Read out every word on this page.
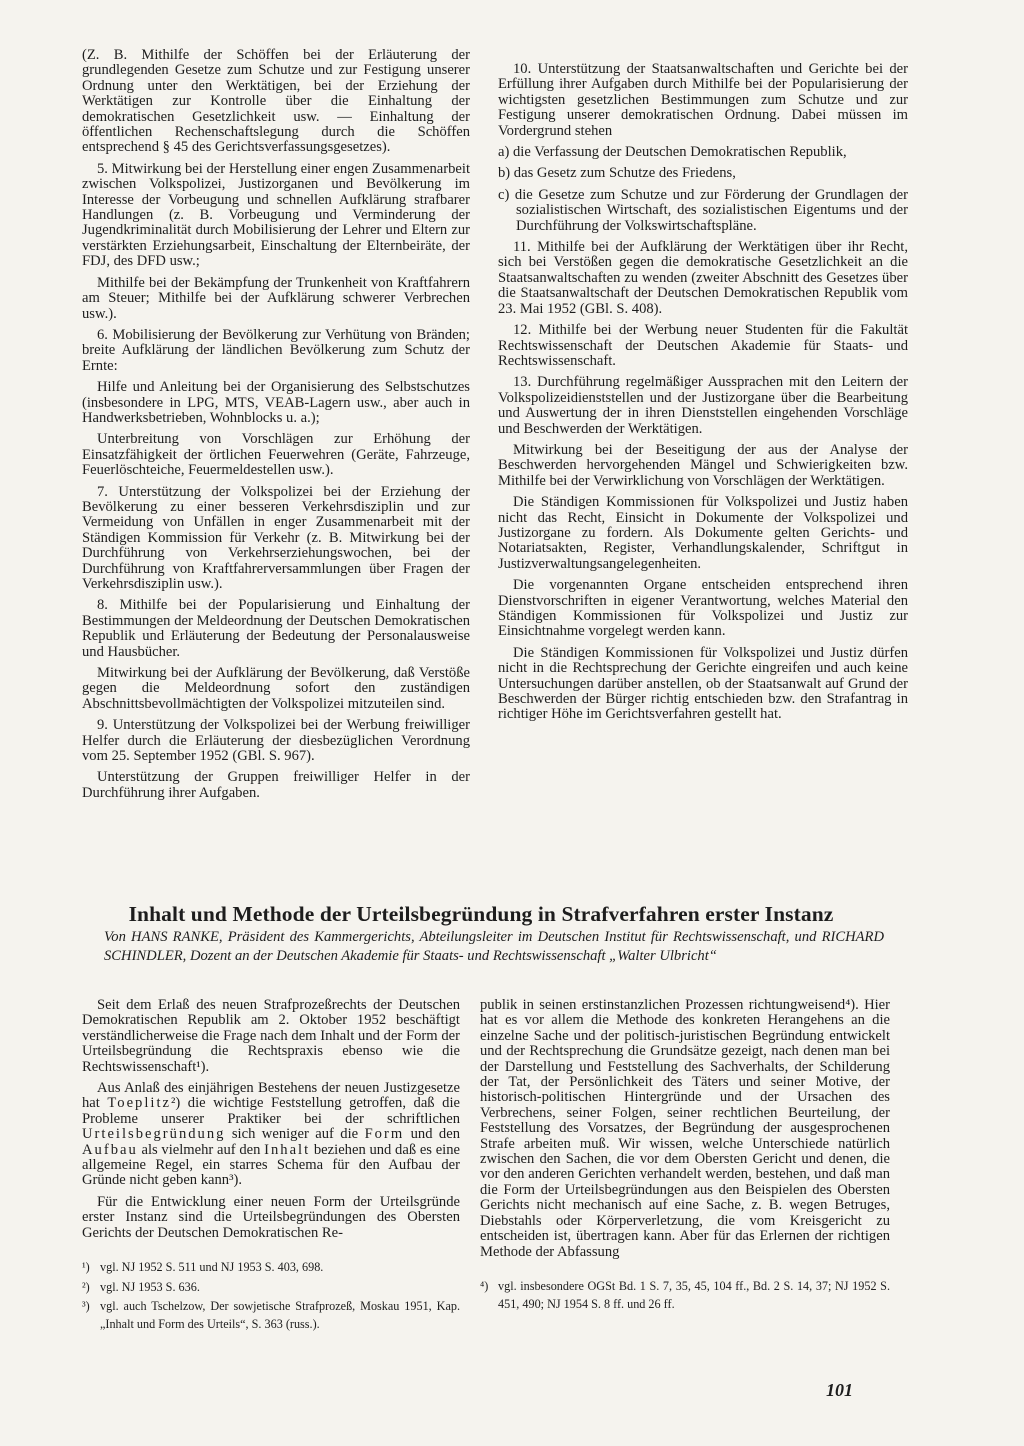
(Z. B. Mithilfe der Schöffen bei der Erläuterung der grundlegenden Gesetze zum Schutze und zur Festigung unserer Ordnung unter den Werktätigen, bei der Erziehung der Werktätigen zur Kontrolle über die Einhaltung der demokratischen Gesetzlichkeit usw. — Einhaltung der öffentlichen Rechenschaftslegung durch die Schöffen entsprechend § 45 des Gerichtsverfassungsgesetzes).

5. Mitwirkung bei der Herstellung einer engen Zusammenarbeit zwischen Volkspolizei, Justizorganen und Bevölkerung im Interesse der Vorbeugung und schnellen Aufklärung strafbarer Handlungen (z. B. Vorbeugung und Verminderung der Jugendkriminalität durch Mobilisierung der Lehrer und Eltern zur verstärkten Erziehungsarbeit, Einschaltung der Elternbeiräte, der FDJ, des DFD usw.;

Mithilfe bei der Bekämpfung der Trunkenheit von Kraftfahrern am Steuer; Mithilfe bei der Aufklärung schwerer Verbrechen usw.).

6. Mobilisierung der Bevölkerung zur Verhütung von Bränden; breite Aufklärung der ländlichen Bevölkerung zum Schutz der Ernte:

Hilfe und Anleitung bei der Organisierung des Selbstschutzes (insbesondere in LPG, MTS, VEAB-Lagern usw., aber auch in Handwerksbetrieben, Wohnblocks u. a.);

Unterbreitung von Vorschlägen zur Erhöhung der Einsatzfähigkeit der örtlichen Feuerwehren (Geräte, Fahrzeuge, Feuerlöschteiche, Feuermeldestellen usw.).

7. Unterstützung der Volkspolizei bei der Erziehung der Bevölkerung zu einer besseren Verkehrsdisziplin und zur Vermeidung von Unfällen in enger Zusammenarbeit mit der Ständigen Kommission für Verkehr (z. B. Mitwirkung bei der Durchführung von Verkehrserziehungswochen, bei der Durchführung von Kraftfahrerversammlungen über Fragen der Verkehrsdisziplin usw.).

8. Mithilfe bei der Popularisierung und Einhaltung der Bestimmungen der Meldeordnung der Deutschen Demokratischen Republik und Erläuterung der Bedeutung der Personalausweise und Hausbücher.

Mitwirkung bei der Aufklärung der Bevölkerung, daß Verstöße gegen die Meldeordnung sofort den zuständigen Abschnittsbevollmächtigten der Volkspolizei mitzuteilen sind.

9. Unterstützung der Volkspolizei bei der Werbung freiwilliger Helfer durch die Erläuterung der diesbezüglichen Verordnung vom 25. September 1952 (GBl. S. 967).

Unterstützung der Gruppen freiwilliger Helfer in der Durchführung ihrer Aufgaben.

10. Unterstützung der Staatsanwaltschaften und Gerichte bei der Erfüllung ihrer Aufgaben durch Mithilfe bei der Popularisierung der wichtigsten gesetzlichen Bestimmungen zum Schutze und zur Festigung unserer demokratischen Ordnung. Dabei müssen im Vordergrund stehen

a) die Verfassung der Deutschen Demokratischen Republik,

b) das Gesetz zum Schutze des Friedens,

c) die Gesetze zum Schutze und zur Förderung der Grundlagen der sozialistischen Wirtschaft, des sozialistischen Eigentums und der Durchführung der Volkswirtschaftspläne.

11. Mithilfe bei der Aufklärung der Werktätigen über ihr Recht, sich bei Verstößen gegen die demokratische Gesetzlichkeit an die Staatsanwaltschaften zu wenden (zweiter Abschnitt des Gesetzes über die Staatsanwaltschaft der Deutschen Demokratischen Republik vom 23. Mai 1952 (GBl. S. 408).

12. Mithilfe bei der Werbung neuer Studenten für die Fakultät Rechtswissenschaft der Deutschen Akademie für Staats- und Rechtswissenschaft.

13. Durchführung regelmäßiger Aussprachen mit den Leitern der Volkspolizeidienststellen und der Justizorgane über die Bearbeitung und Auswertung der in ihren Dienststellen eingehenden Vorschläge und Beschwerden der Werktätigen.

Mitwirkung bei der Beseitigung der aus der Analyse der Beschwerden hervorgehenden Mängel und Schwierigkeiten bzw. Mithilfe bei der Verwirklichung von Vorschlägen der Werktätigen.

Die Ständigen Kommissionen für Volkspolizei und Justiz haben nicht das Recht, Einsicht in Dokumente der Volkspolizei und Justizorgane zu fordern. Als Dokumente gelten Gerichts- und Notariatsakten, Register, Verhandlungskalender, Schriftgut in Justizverwaltungsangelegenheiten.

Die vorgenannten Organe entscheiden entsprechend ihren Dienstvorschriften in eigener Verantwortung, welches Material den Ständigen Kommissionen für Volkspolizei und Justiz zur Einsichtnahme vorgelegt werden kann.

Die Ständigen Kommissionen für Volkspolizei und Justiz dürfen nicht in die Rechtsprechung der Gerichte eingreifen und auch keine Untersuchungen darüber anstellen, ob der Staatsanwalt auf Grund der Beschwerden der Bürger richtig entschieden bzw. den Strafantrag in richtiger Höhe im Gerichtsverfahren gestellt hat.

Inhalt und Methode der Urteilsbegründung in Strafverfahren erster Instanz

Von HANS RANKE, Präsident des Kammergerichts, Abteilungsleiter im Deutschen Institut für Rechtswissenschaft, und RICHARD SCHINDLER, Dozent an der Deutschen Akademie für Staats- und Rechtswissenschaft „Walter Ulbricht“

Seit dem Erlaß des neuen Strafprozeßrechts der Deutschen Demokratischen Republik am 2. Oktober 1952 beschäftigt verständlicherweise die Frage nach dem Inhalt und der Form der Urteilsbegründung die Rechtspraxis ebenso wie die Rechtswissenschaft¹).

Aus Anlaß des einjährigen Bestehens der neuen Justizgesetze hat Toeplitz²) die wichtige Feststellung getroffen, daß die Probleme unserer Praktiker bei der schriftlichen Urteilsbegründung sich weniger auf die Form und den Aufbau als vielmehr auf den Inhalt beziehen und daß es eine allgemeine Regel, ein starres Schema für den Aufbau der Gründe nicht geben kann³).

Für die Entwicklung einer neuen Form der Urteilsgründe erster Instanz sind die Urteilsbegründungen des Obersten Gerichts der Deutschen Demokratischen Re-

¹) vgl. NJ 1952 S. 511 und NJ 1953 S. 403, 698.

²) vgl. NJ 1953 S. 636.

³) vgl. auch Tschelzow, Der sowjetische Strafprozeß, Moskau 1951, Kap. „Inhalt und Form des Urteils“, S. 363 (russ.).

publik in seinen erstinstanzlichen Prozessen richtungweisend⁴). Hier hat es vor allem die Methode des konkreten Herangehens an die einzelne Sache und der politisch-juristischen Begründung entwickelt und der Rechtsprechung die Grundsätze gezeigt, nach denen man bei der Darstellung und Feststellung des Sachverhalts, der Schilderung der Tat, der Persönlichkeit des Täters und seiner Motive, der historisch-politischen Hintergründe und der Ursachen des Verbrechens, seiner Folgen, seiner rechtlichen Beurteilung, der Feststellung des Vorsatzes, der Begründung der ausgesprochenen Strafe arbeiten muß. Wir wissen, welche Unterschiede natürlich zwischen den Sachen, die vor dem Obersten Gericht und denen, die vor den anderen Gerichten verhandelt werden, bestehen, und daß man die Form der Urteilsbegründungen aus den Beispielen des Obersten Gerichts nicht mechanisch auf eine Sache, z. B. wegen Betruges, Diebstahls oder Körperverletzung, die vom Kreisgericht zu entscheiden ist, übertragen kann. Aber für das Erlernen der richtigen Methode der Abfassung

⁴) vgl. insbesondere OGSt Bd. 1 S. 7, 35, 45, 104 ff., Bd. 2 S. 14, 37; NJ 1952 S. 451, 490; NJ 1954 S. 8 ff. und 26 ff.

101
